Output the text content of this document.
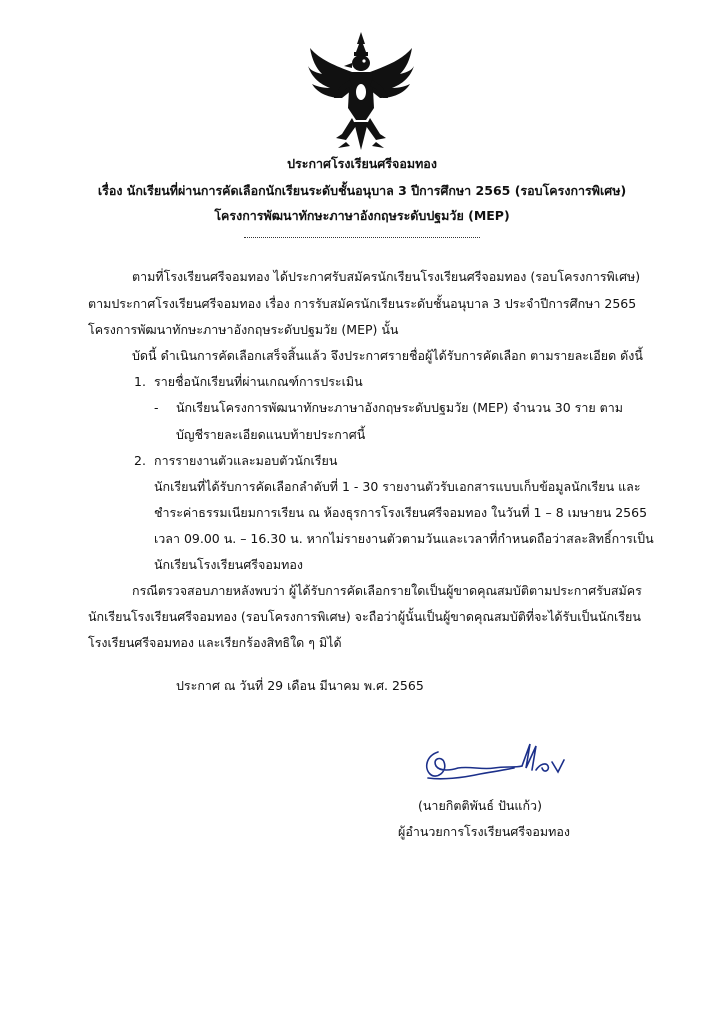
ประกาศโรงเรียนศรีจอมทอง
เรื่อง นักเรียนที่ผ่านการคัดเลือกนักเรียนระดับชั้นอนุบาล 3 ปีการศึกษา 2565 (รอบโครงการพิเศษ)
โครงการพัฒนาทักษะภาษาอังกฤษระดับปฐมวัย (MEP)
ตามที่โรงเรียนศรีจอมทอง ได้ประกาศรับสมัครนักเรียนโรงเรียนศรีจอมทอง (รอบโครงการพิเศษ)
ตามประกาศโรงเรียนศรีจอมทอง เรื่อง การรับสมัครนักเรียนระดับชั้นอนุบาล 3 ประจำปีการศึกษา 2565
โครงการพัฒนาทักษะภาษาอังกฤษระดับปฐมวัย (MEP) นั้น
บัดนี้ ดำเนินการคัดเลือกเสร็จสิ้นแล้ว จึงประกาศรายชื่อผู้ได้รับการคัดเลือก ตามรายละเอียด ดังนี้
1. รายชื่อนักเรียนที่ผ่านเกณฑ์การประเมิน
- นักเรียนโครงการพัฒนาทักษะภาษาอังกฤษระดับปฐมวัย (MEP) จำนวน 30 ราย ตาม
บัญชีรายละเอียดแนบท้ายประกาศนี้
2. การรายงานตัวและมอบตัวนักเรียน
นักเรียนที่ได้รับการคัดเลือกลำดับที่ 1 - 30 รายงานตัวรับเอกสารแบบเก็บข้อมูลนักเรียน และ
ชำระค่าธรรมเนียมการเรียน ณ ห้องธุรการโรงเรียนศรีจอมทอง ในวันที่ 1 – 8 เมษายน 2565
เวลา 09.00 น. – 16.30 น. หากไม่รายงานตัวตามวันและเวลาที่กำหนดถือว่าสละสิทธิ์การเป็น
นักเรียนโรงเรียนศรีจอมทอง
กรณีตรวจสอบภายหลังพบว่า ผู้ได้รับการคัดเลือกรายใดเป็นผู้ขาดคุณสมบัติตามประกาศรับสมัคร
นักเรียนโรงเรียนศรีจอมทอง (รอบโครงการพิเศษ) จะถือว่าผู้นั้นเป็นผู้ขาดคุณสมบัติที่จะได้รับเป็นนักเรียน
โรงเรียนศรีจอมทอง และเรียกร้องสิทธิใด ๆ มิได้
ประกาศ ณ วันที่ 29 เดือน มีนาคม พ.ศ. 2565
(นายกิตติพันธ์ ปันแก้ว)
ผู้อำนวยการโรงเรียนศรีจอมทอง
